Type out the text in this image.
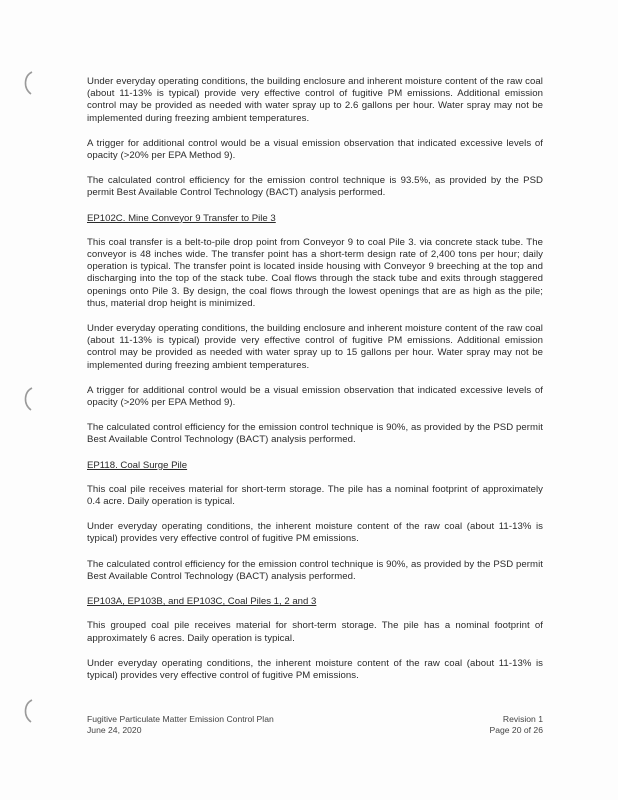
Under everyday operating conditions, the building enclosure and inherent moisture content of the raw coal (about 11-13% is typical) provide very effective control of fugitive PM emissions. Additional emission control may be provided as needed with water spray up to 2.6 gallons per hour. Water spray may not be implemented during freezing ambient temperatures.

A trigger for additional control would be a visual emission observation that indicated excessive levels of opacity (>20% per EPA Method 9).

The calculated control efficiency for the emission control technique is 93.5%, as provided by the PSD permit Best Available Control Technology (BACT) analysis performed.

EP102C. Mine Conveyor 9 Transfer to Pile 3

This coal transfer is a belt-to-pile drop point from Conveyor 9 to coal Pile 3. via concrete stack tube. The conveyor is 48 inches wide. The transfer point has a short-term design rate of 2,400 tons per hour; daily operation is typical. The transfer point is located inside housing with Conveyor 9 breeching at the top and discharging into the top of the stack tube. Coal flows through the stack tube and exits through staggered openings onto Pile 3. By design, the coal flows through the lowest openings that are as high as the pile; thus, material drop height is minimized.

Under everyday operating conditions, the building enclosure and inherent moisture content of the raw coal (about 11-13% is typical) provide very effective control of fugitive PM emissions. Additional emission control may be provided as needed with water spray up to 15 gallons per hour. Water spray may not be implemented during freezing ambient temperatures.

A trigger for additional control would be a visual emission observation that indicated excessive levels of opacity (>20% per EPA Method 9).

The calculated control efficiency for the emission control technique is 90%, as provided by the PSD permit Best Available Control Technology (BACT) analysis performed.

EP118. Coal Surge Pile

This coal pile receives material for short-term storage. The pile has a nominal footprint of approximately 0.4 acre. Daily operation is typical.

Under everyday operating conditions, the inherent moisture content of the raw coal (about 11-13% is typical) provides very effective control of fugitive PM emissions.

The calculated control efficiency for the emission control technique is 90%, as provided by the PSD permit Best Available Control Technology (BACT) analysis performed.

EP103A, EP103B, and EP103C, Coal Piles 1, 2 and 3

This grouped coal pile receives material for short-term storage. The pile has a nominal footprint of approximately 6 acres. Daily operation is typical.

Under everyday operating conditions, the inherent moisture content of the raw coal (about 11-13% is typical) provides very effective control of fugitive PM emissions.

Fugitive Particulate Matter Emission Control Plan
June 24, 2020
Revision 1
Page 20 of 26
